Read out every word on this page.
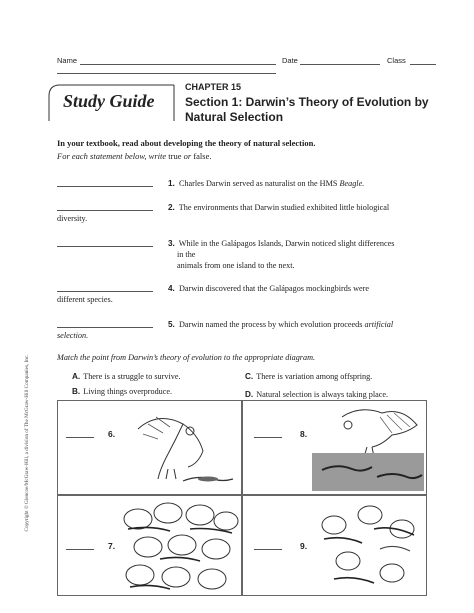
Name	Date	Class
CHAPTER 15
Study Guide	Section 1: Darwin’s Theory of Evolution by
Natural Selection
In your textbook, read about developing the theory of natural selection.
For each statement below, write true or false.
1. Charles Darwin served as naturalist on the HMS Beagle.
2. The environments that Darwin studied exhibited little biological
diversity.
3. While in the Galápagos Islands, Darwin noticed slight differences
in the
animals from one island to the next.
4. Darwin discovered that the Galápagos mockingbirds were
different species.
5. Darwin named the process by which evolution proceeds artificial
selection.
Match the point from Darwin’s theory of evolution to the appropriate diagram.
A. There is a struggle to survive.
B. Living things overproduce.
C. There is variation among offspring.
D. Natural selection is always taking place.
6.	8.
7.	9.
Copyright © Glencoe/McGraw-Hill, a division of The McGraw-Hill Companies, Inc.
